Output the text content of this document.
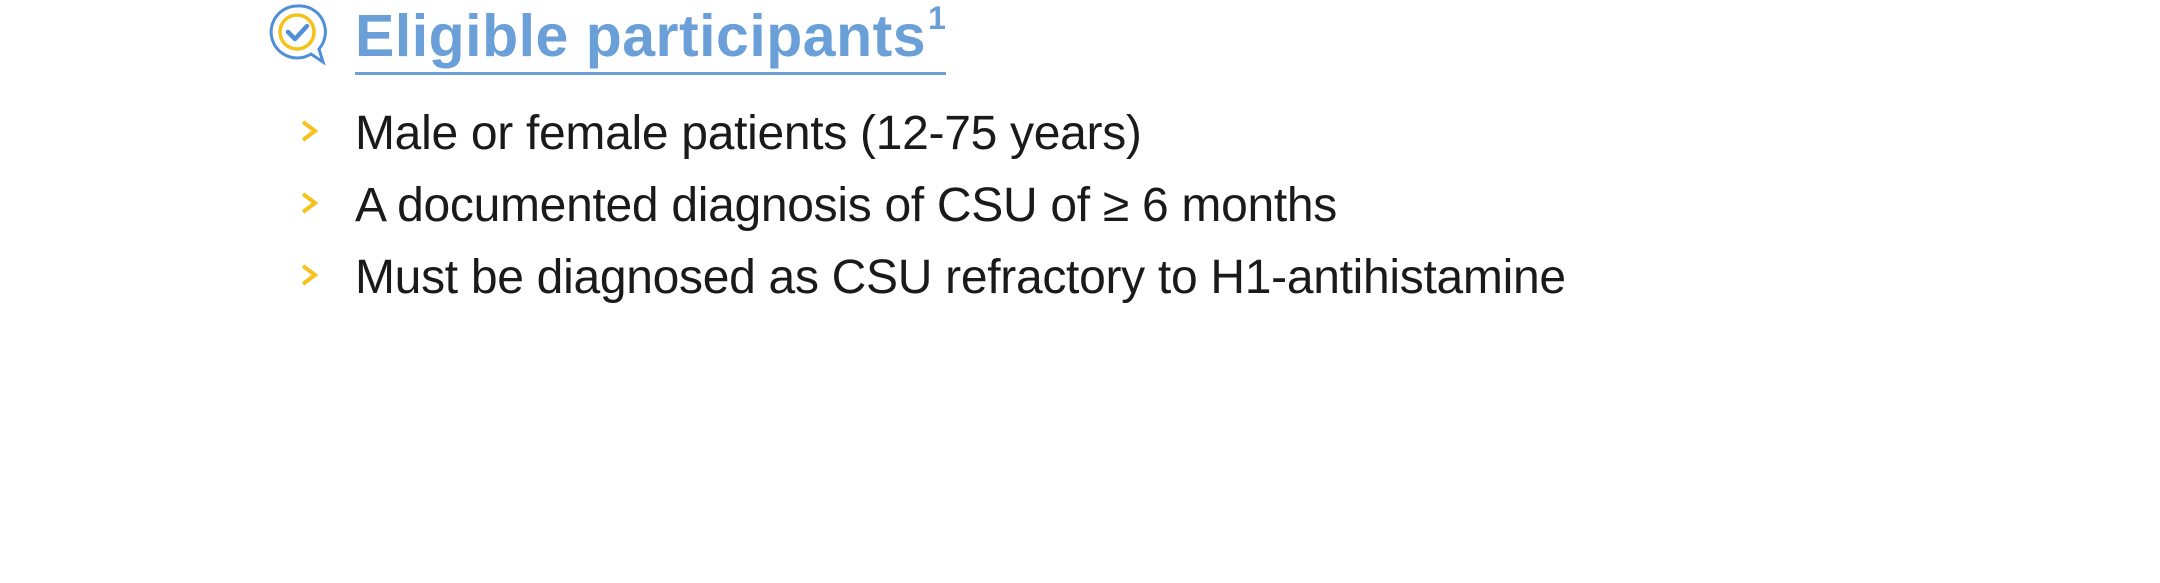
Eligible participants$^1$
Male or female patients (12-75 years)
A documented diagnosis of CSU of ≥ 6 months
Must be diagnosed as CSU refractory to H1-antihistamine
